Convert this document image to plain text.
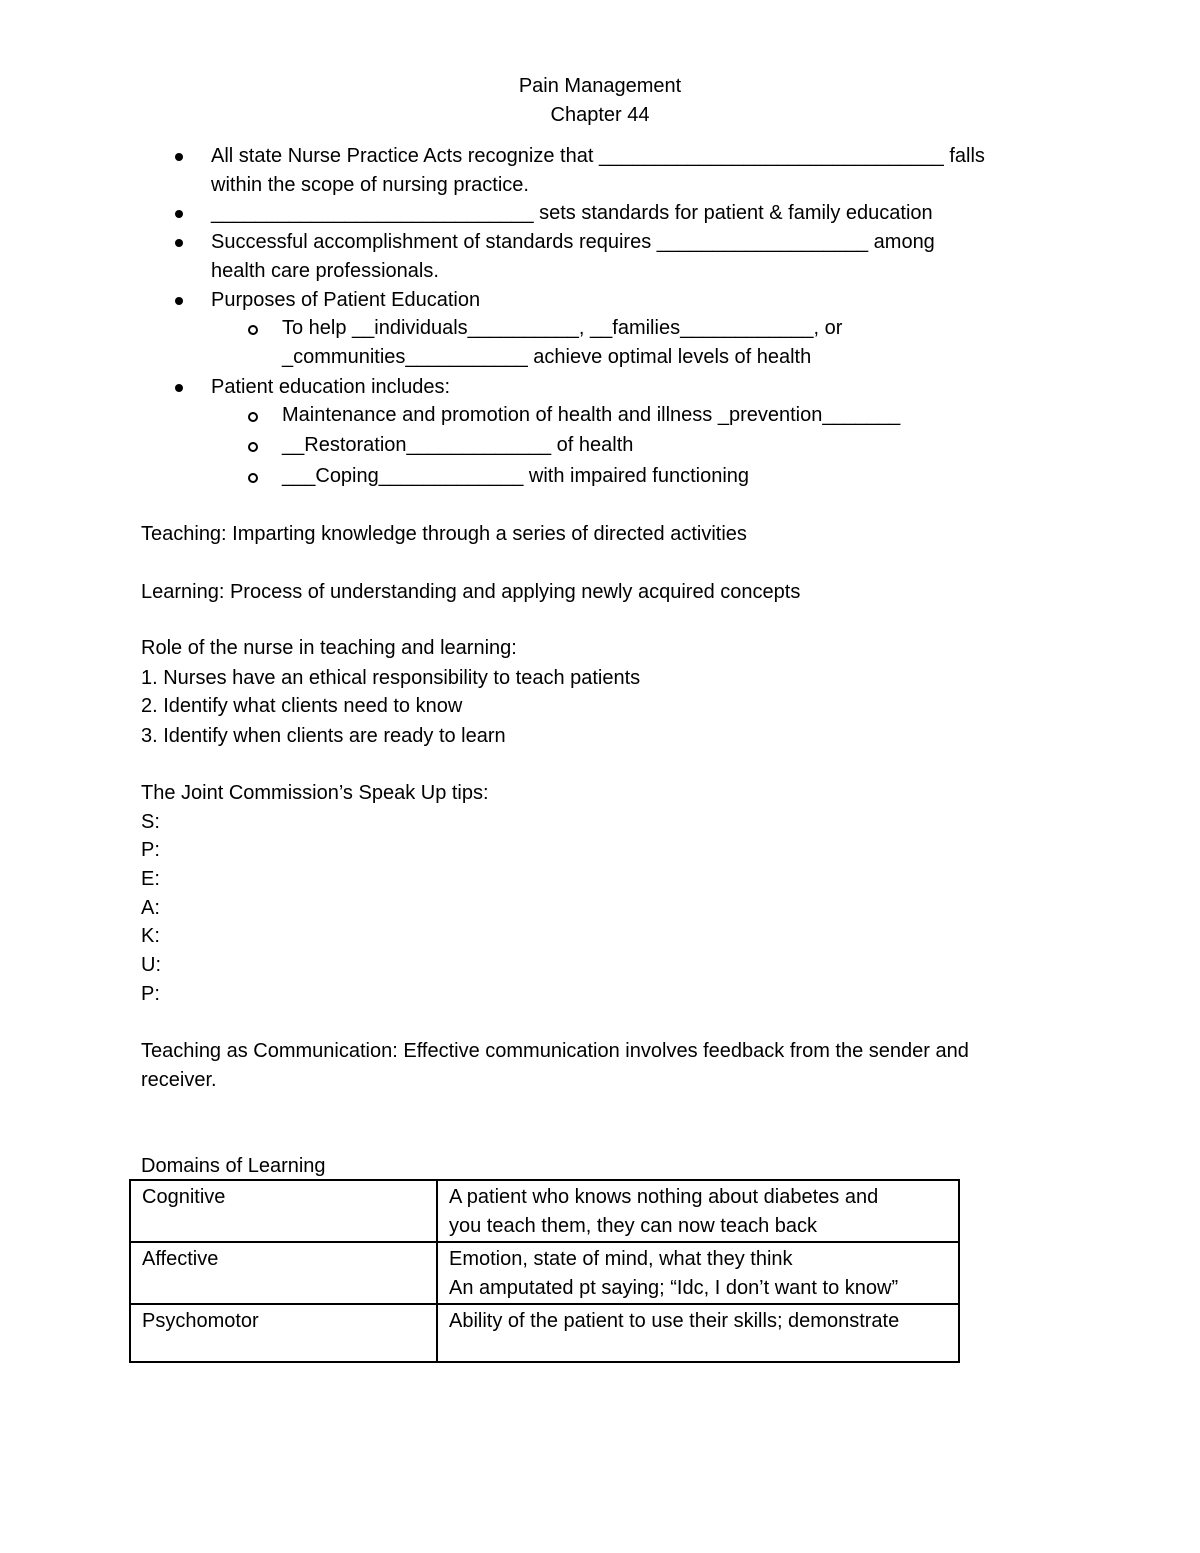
Pain Management
Chapter 44
All state Nurse Practice Acts recognize that _______________________________ falls
within the scope of nursing practice.
_____________________________ sets standards for patient & family education
Successful accomplishment of standards requires ___________________ among
health care professionals.
Purposes of Patient Education
To help __individuals__________, __families____________, or
_communities___________ achieve optimal levels of health
Patient education includes:
Maintenance and promotion of health and illness _prevention_______
__Restoration_____________ of health
___Coping_____________ with impaired functioning
Teaching: Imparting knowledge through a series of directed activities
Learning: Process of understanding and applying newly acquired concepts
Role of the nurse in teaching and learning:
1. Nurses have an ethical responsibility to teach patients
2. Identify what clients need to know
3. Identify when clients are ready to learn
The Joint Commission’s Speak Up tips:
S:
P:
E:
A:
K:
U:
P:
Teaching as Communication: Effective communication involves feedback from the sender and
receiver.
Domains of Learning
Cognitive	A patient who knows nothing about diabetes and
you teach them, they can now teach back
Affective	Emotion, state of mind, what they think
An amputated pt saying; “Idc, I don’t want to know”
Psychomotor	Ability of the patient to use their skills; demonstrate
